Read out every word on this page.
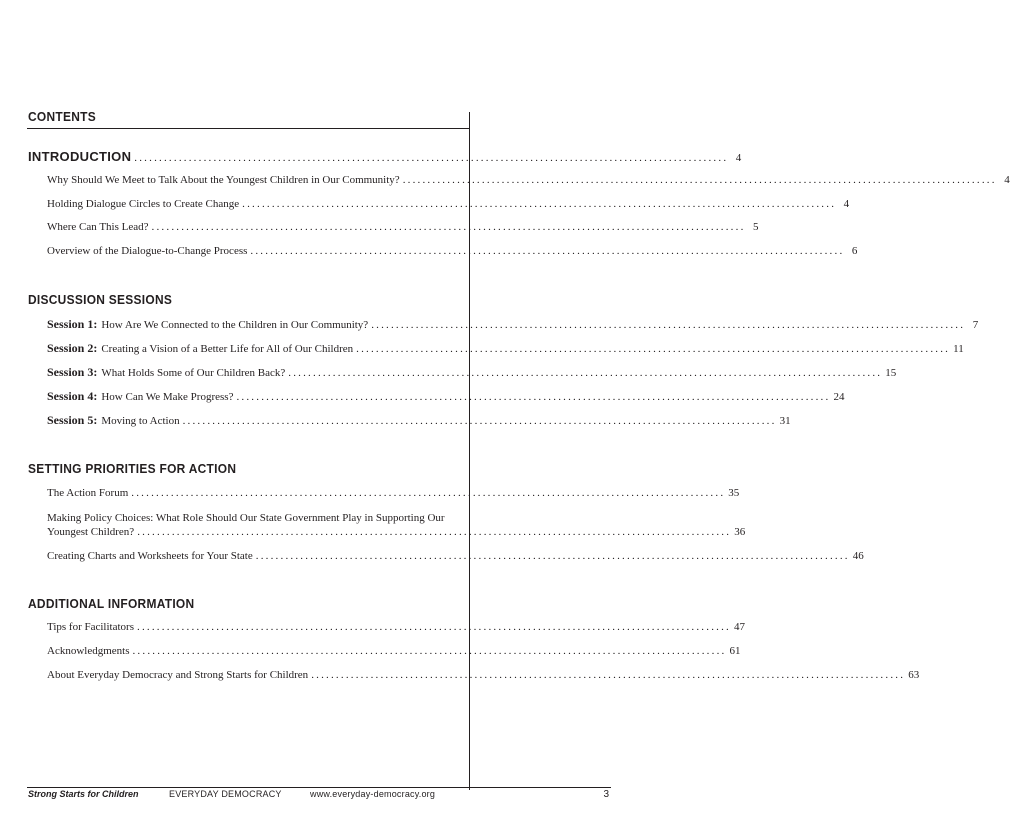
CONTENTS
INTRODUCTION ........................................................................................................................ 4
Why Should We Meet to Talk About the Youngest Children in Our Community? ........................................................................................................................ 4
Holding Dialogue Circles to Create Change ........................................................................................................................ 4
Where Can This Lead? ........................................................................................................................ 5
Overview of the Dialogue-to-Change Process ........................................................................................................................ 6
DISCUSSION SESSIONS
Session 1: How Are We Connected to the Children in Our Community? ........................................................................................................................ 7
Session 2: Creating a Vision of a Better Life for All of Our Children ........................................................................................................................ 11
Session 3: What Holds Some of Our Children Back? ........................................................................................................................ 15
Session 4: How Can We Make Progress? ........................................................................................................................ 24
Session 5: Moving to Action ........................................................................................................................ 31
SETTING PRIORITIES FOR ACTION
The Action Forum ........................................................................................................................ 35
Making Policy Choices: What Role Should Our State Government Play in Supporting Our
Youngest Children? ........................................................................................................................ 36
Creating Charts and Worksheets for Your State ........................................................................................................................ 46
ADDITIONAL INFORMATION
Tips for Facilitators ........................................................................................................................ 47
Acknowledgments ........................................................................................................................ 61
About Everyday Democracy and Strong Starts for Children ........................................................................................................................ 63
Strong Starts for Children	EVERYDAY DEMOCRACY	www.everyday-democracy.org	3
